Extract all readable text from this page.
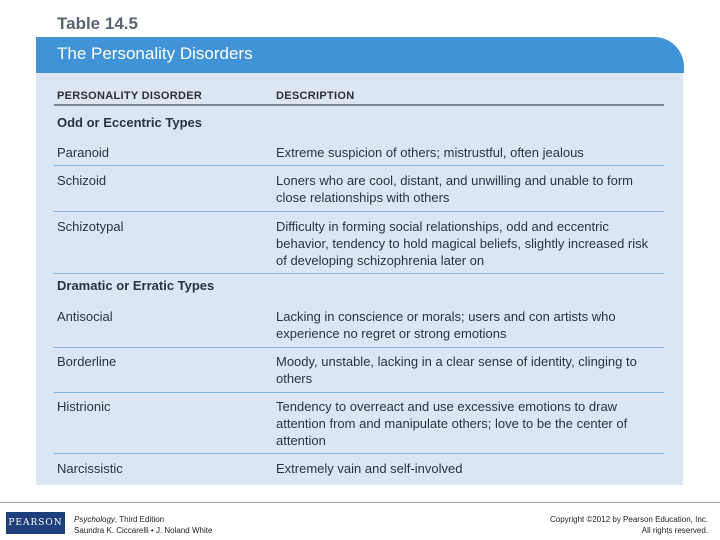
Table 14.5
The Personality Disorders
PERSONALITY DISORDER	DESCRIPTION
Odd or Eccentric Types
Paranoid	Extreme suspicion of others; mistrustful, often jealous
Schizoid	Loners who are cool, distant, and unwilling and unable to form close relationships with others
Schizotypal	Difficulty in forming social relationships, odd and eccentric behavior, tendency to hold magical beliefs, slightly increased risk of developing schizophrenia later on
Dramatic or Erratic Types
Antisocial	Lacking in conscience or morals; users and con artists who experience no regret or strong emotions
Borderline	Moody, unstable, lacking in a clear sense of identity, clinging to others
Histrionic	Tendency to overreact and use excessive emotions to draw attention from and manipulate others; love to be the center of attention
Narcissistic	Extremely vain and self-involved
PEARSON Psychology, Third Edition
Saundra K. Ciccarelli • J. Noland White
Copyright ©2012 by Pearson Education, Inc.
All rights reserved.
